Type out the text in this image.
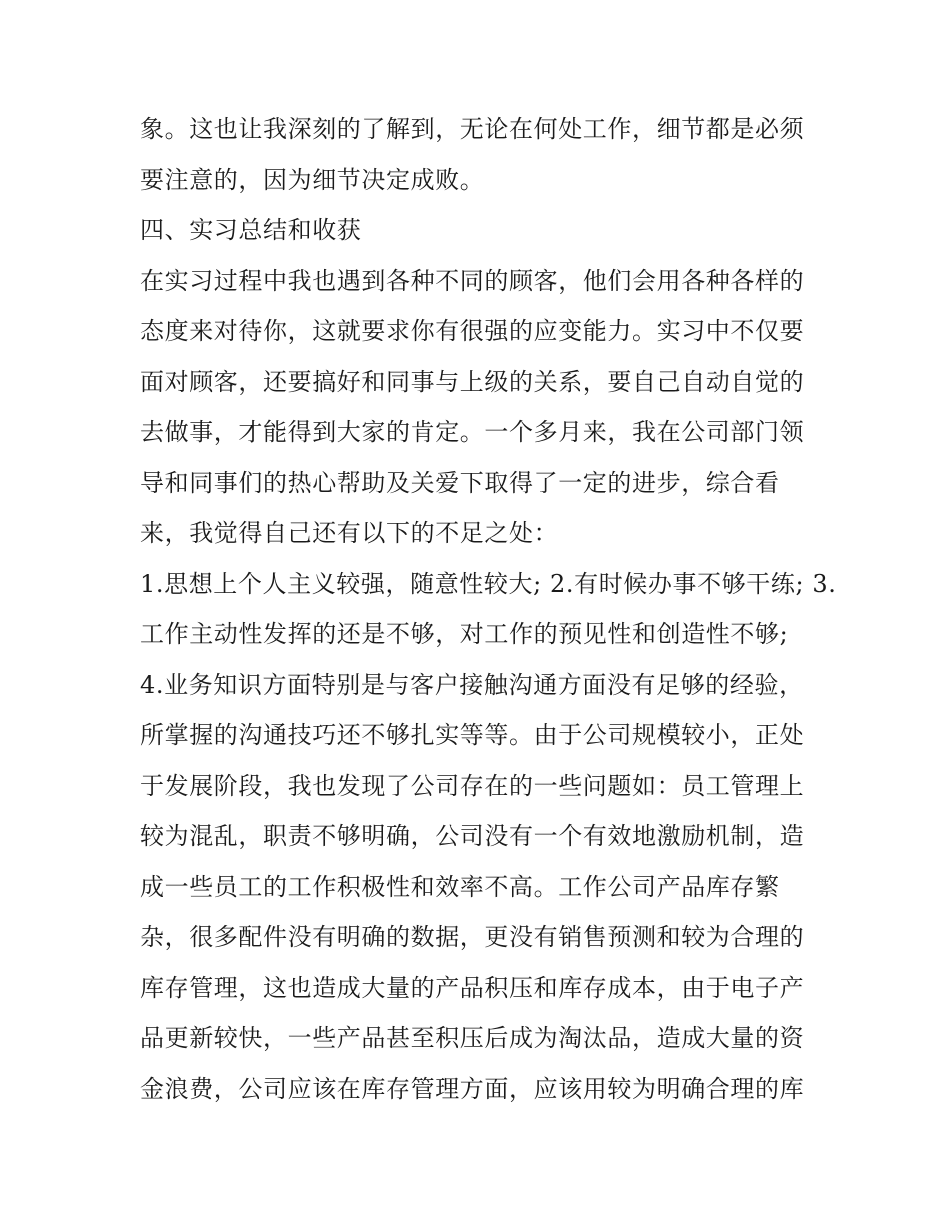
象。这也让我深刻的了解到，无论在何处工作，细节都是必须
要注意的，因为细节决定成败。
四、实习总结和收获
在实习过程中我也遇到各种不同的顾客，他们会用各种各样的
态度来对待你，这就要求你有很强的应变能力。实习中不仅要
面对顾客，还要搞好和同事与上级的关系，要自己自动自觉的
去做事，才能得到大家的肯定。一个多月来，我在公司部门领
导和同事们的热心帮助及关爱下取得了一定的进步，综合看
来，我觉得自己还有以下的不足之处：
1.思想上个人主义较强，随意性较大; 2.有时候办事不够干练; 3.
工作主动性发挥的还是不够，对工作的预见性和创造性不够;
4.业务知识方面特别是与客户接触沟通方面没有足够的经验，
所掌握的沟通技巧还不够扎实等等。由于公司规模较小，正处
于发展阶段，我也发现了公司存在的一些问题如：员工管理上
较为混乱，职责不够明确，公司没有一个有效地激励机制，造
成一些员工的工作积极性和效率不高。工作公司产品库存繁
杂，很多配件没有明确的数据，更没有销售预测和较为合理的
库存管理，这也造成大量的产品积压和库存成本，由于电子产
品更新较快，一些产品甚至积压后成为淘汰品，造成大量的资
金浪费，公司应该在库存管理方面，应该用较为明确合理的库
